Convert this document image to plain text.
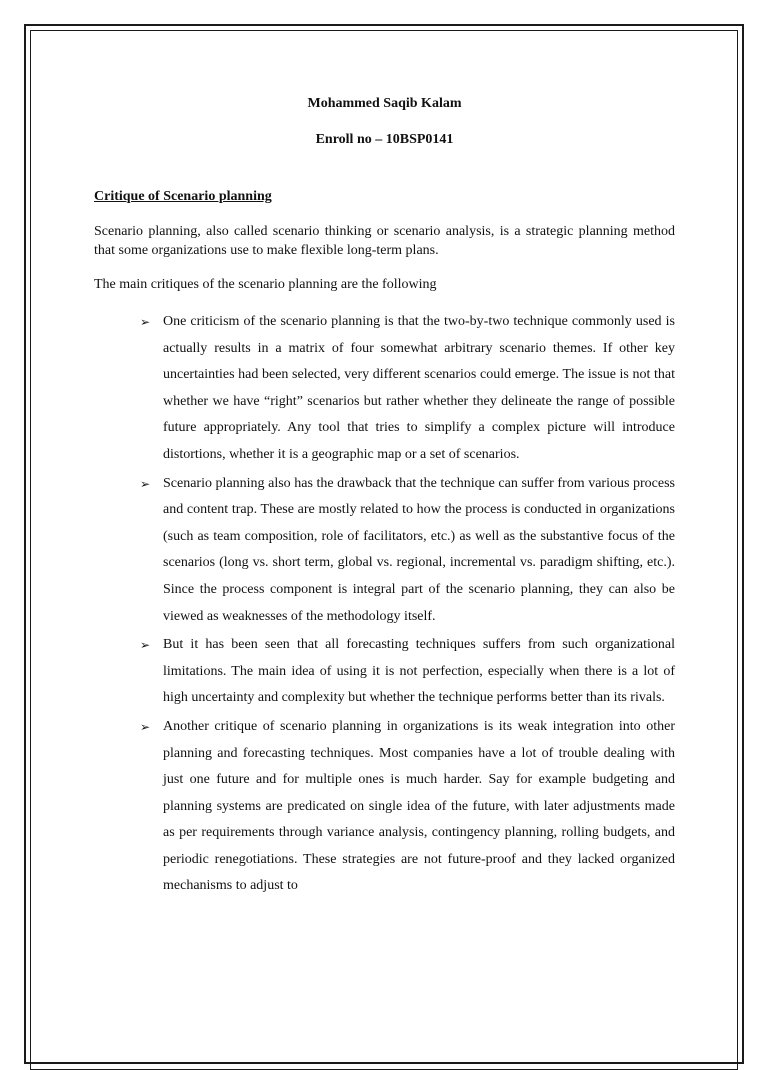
Mohammed Saqib Kalam

Enroll no – 10BSP0141

Critique of Scenario planning

Scenario planning, also called scenario thinking or scenario analysis, is a strategic planning method that some organizations use to make flexible long-term plans.

The main critiques of the scenario planning are the following

➢ One criticism of the scenario planning is that the two-by-two technique commonly used is actually results in a matrix of four somewhat arbitrary scenario themes. If other key uncertainties had been selected, very different scenarios could emerge. The issue is not that whether we have “right” scenarios but rather whether they delineate the range of possible future appropriately. Any tool that tries to simplify a complex picture will introduce distortions, whether it is a geographic map or a set of scenarios.
➢ Scenario planning also has the drawback that the technique can suffer from various process and content trap. These are mostly related to how the process is conducted in organizations (such as team composition, role of facilitators, etc.) as well as the substantive focus of the scenarios (long vs. short term, global vs. regional, incremental vs. paradigm shifting, etc.). Since the process component is integral part of the scenario planning, they can also be viewed as weaknesses of the methodology itself.
➢ But it has been seen that all forecasting techniques suffers from such organizational limitations. The main idea of using it is not perfection, especially when there is a lot of high uncertainty and complexity but whether the technique performs better than its rivals.
➢ Another critique of scenario planning in organizations is its weak integration into other planning and forecasting techniques. Most companies have a lot of trouble dealing with just one future and for multiple ones is much harder. Say for example budgeting and planning systems are predicated on single idea of the future, with later adjustments made as per requirements through variance analysis, contingency planning, rolling budgets, and periodic renegotiations. These strategies are not future-proof and they lacked organized mechanisms to adjust to
